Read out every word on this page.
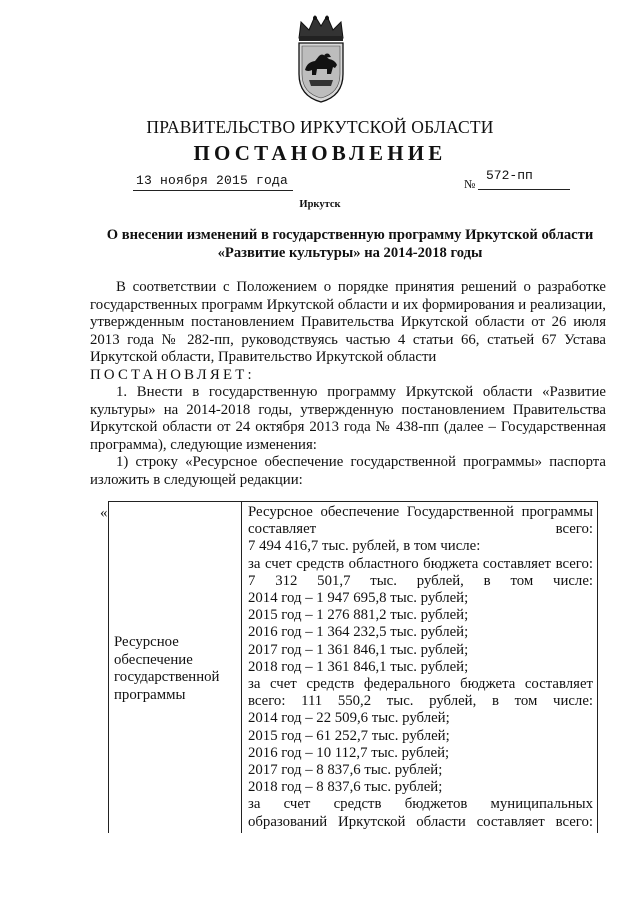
ПРАВИТЕЛЬСТВО ИРКУТСКОЙ ОБЛАСТИ
ПОСТАНОВЛЕНИЕ
13 ноября 2015 года	№
572-пп
Иркутск
О внесении изменений в государственную программу Иркутской области
«Развитие культуры» на 2014-2018 годы
В соответствии с Положением о порядке принятия решений о разработке государственных программ Иркутской области и их формирования и реализации, утвержденным постановлением Правительства Иркутской области от 26 июля 2013 года № 282-пп, руководствуясь частью 4 статьи 66, статьей 67 Устава Иркутской области, Правительство Иркутской области
ПОСТАНОВЛЯЕТ:
1. Внести в государственную программу Иркутской области «Развитие культуры» на 2014-2018 годы, утвержденную постановлением Правительства Иркутской области от 24 октября 2013 года № 438-пп (далее – Государственная программа), следующие изменения:
1) строку «Ресурсное обеспечение государственной программы» паспорта изложить в следующей редакции:
«
Ресурсное обеспечение государственной программы
Ресурсное обеспечение Государственной программы составляет всего:
7 494 416,7 тыс. рублей, в том числе:
за счет средств областного бюджета составляет всего: 7 312 501,7 тыс. рублей, в том числе:
2014 год – 1 947 695,8 тыс. рублей;
2015 год – 1 276 881,2 тыс. рублей;
2016 год – 1 364 232,5 тыс. рублей;
2017 год – 1 361 846,1 тыс. рублей;
2018 год – 1 361 846,1 тыс. рублей;
за счет средств федерального бюджета составляет всего: 111 550,2 тыс. рублей, в том числе:
2014 год – 22 509,6 тыс. рублей;
2015 год – 61 252,7 тыс. рублей;
2016 год – 10 112,7 тыс. рублей;
2017 год – 8 837,6 тыс. рублей;
2018 год – 8 837,6 тыс. рублей;
за счет средств бюджетов муниципальных образований Иркутской области составляет всего:
